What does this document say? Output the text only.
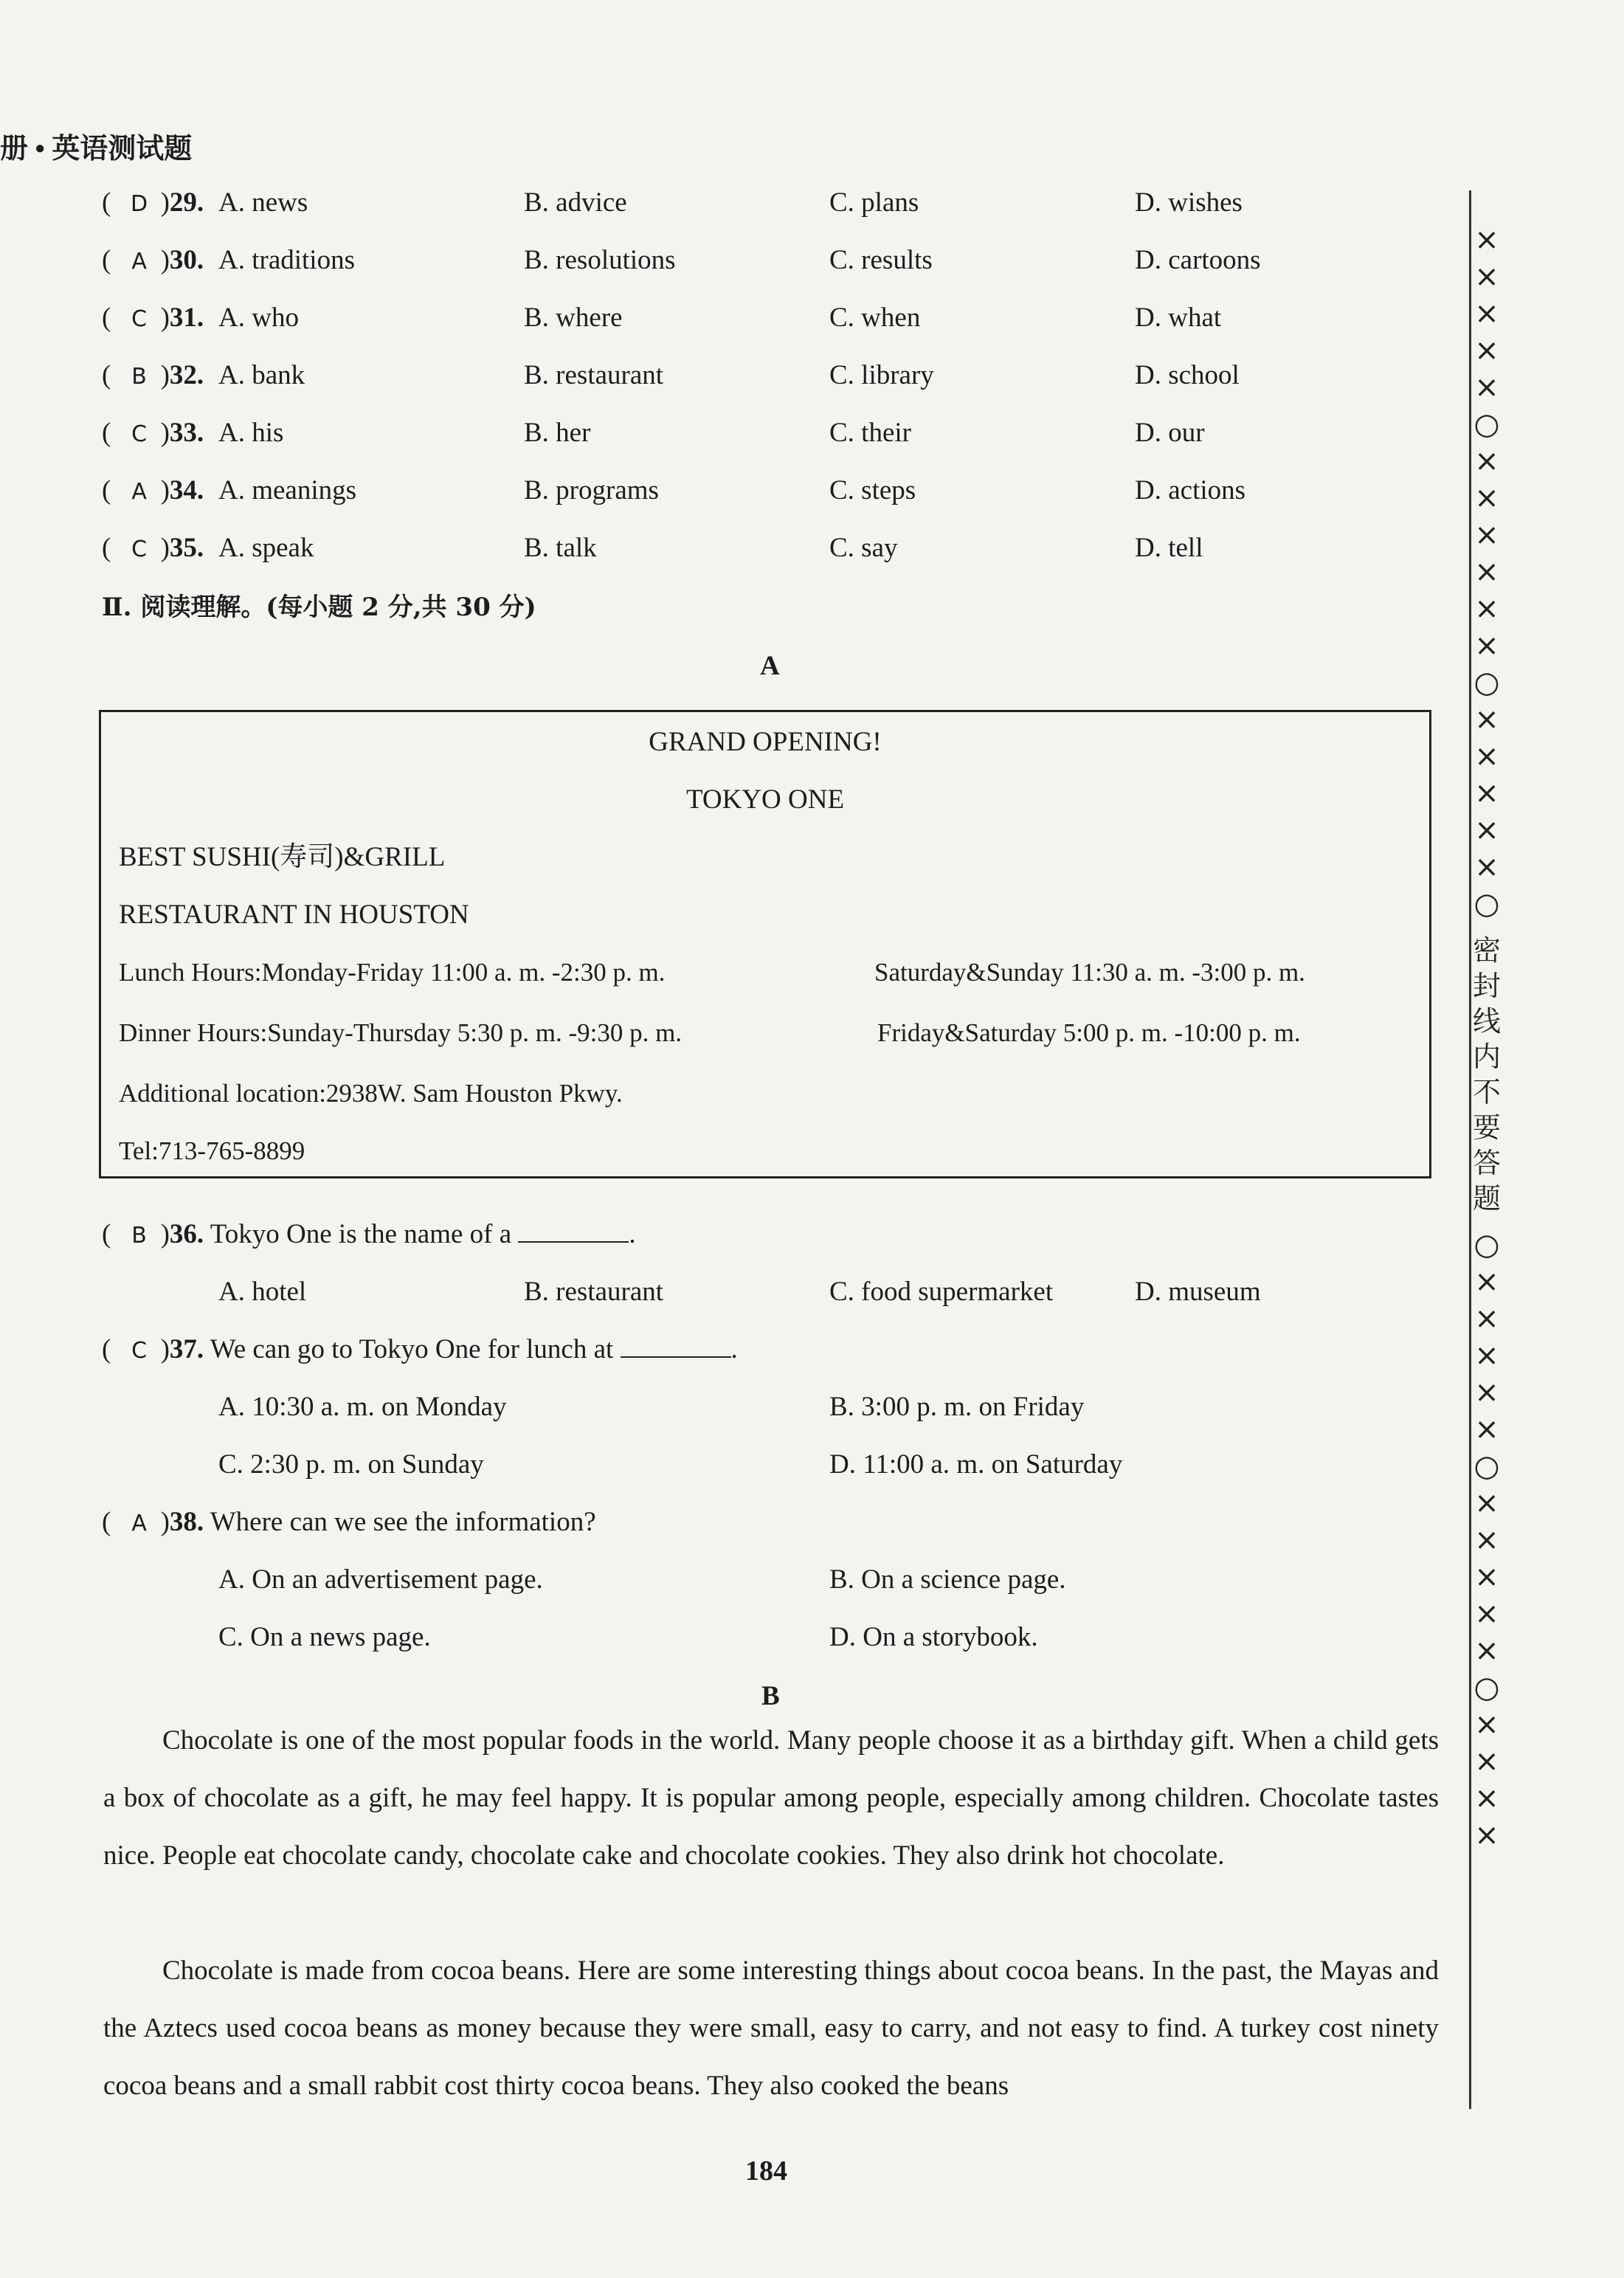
册 • 英语测试题
( D )29. A. news	B. advice	C. plans	D. wishes
( A )30. A. traditions	B. resolutions	C. results	D. cartoons
( C )31. A. who	B. where	C. when	D. what
( B )32. A. bank	B. restaurant	C. library	D. school
( C )33. A. his	B. her	C. their	D. our
( A )34. A. meanings	B. programs	C. steps	D. actions
( C )35. A. speak	B. talk	C. say	D. tell
Ⅱ. 阅读理解。(每小题 2 分,共 30 分)
A
GRAND OPENING!
TOKYO ONE
BEST SUSHI(寿司)&GRILL
RESTAURANT IN HOUSTON
Lunch Hours:Monday-Friday 11:00 a. m. -2:30 p. m.	Saturday&Sunday 11:30 a. m. -3:00 p. m.
Dinner Hours:Sunday-Thursday 5:30 p. m. -9:30 p. m.	Friday&Saturday 5:00 p. m. -10:00 p. m.
Additional location:2938W. Sam Houston Pkwy.
Tel:713-765-8899
( B )36. Tokyo One is the name of a	.
A. hotel	B. restaurant	C. food supermarket	D. museum
( C )37. We can go to Tokyo One for lunch at	.
A. 10:30 a. m. on Monday	B. 3:00 p. m. on Friday
C. 2:30 p. m. on Sunday	D. 11:00 a. m. on Saturday
( A )38. Where can we see the information?
A. On an advertisement page.	B. On a science page.
C. On a news page.	D. On a storybook.
B

Chocolate is one of the most popular foods in the world. Many people choose it as a birthday gift. When a child gets a box of chocolate as a gift, he may feel happy. It is popular among people, especially among children. Chocolate tastes nice. People eat chocolate candy, chocolate cake and chocolate cookies. They also drink hot chocolate.

Chocolate is made from cocoa beans. Here are some interesting things about cocoa beans. In the past, the Mayas and the Aztecs used cocoa beans as money because they were small, easy to carry, and not easy to find. A turkey cost ninety cocoa beans and a small rabbit cost thirty cocoa beans. They also cooked the beans

184
×××××○××××××○×××××○
密封线内不要答题
○×××××○×××××○××××
